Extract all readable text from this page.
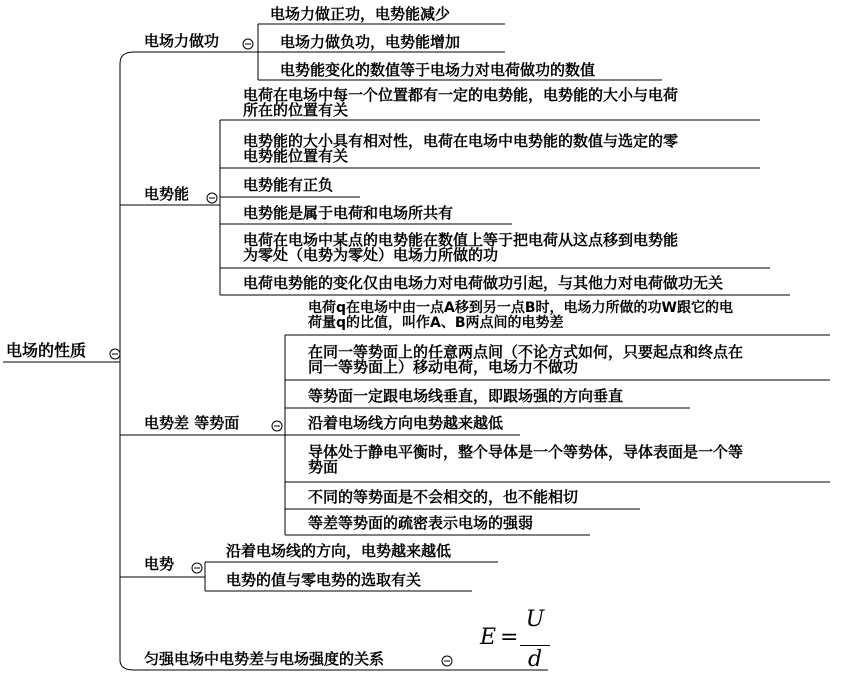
电场的性质
电场力做功
电场力做正功，电势能减少
电场力做负功，电势能增加
电势能变化的数值等于电场力对电荷做功的数值
电势能
电荷在电场中每一个位置都有一定的电势能，电势能的大小与电荷
所在的位置有关
电势能的大小具有相对性，电荷在电场中电势能的数值与选定的零
电势能位置有关
电势能有正负
电势能是属于电荷和电场所共有
电荷在电场中某点的电势能在数值上等于把电荷从这点移到电势能
为零处（电势为零处）电场力所做的功
电荷电势能的变化仅由电场力对电荷做功引起，与其他力对电荷做功无关
电势差 等势面
电荷q在电场中由一点A移到另一点B时，电场力所做的功W跟它的电
荷量q的比值，叫作A、B两点间的电势差
在同一等势面上的任意两点间（不论方式如何，只要起点和终点在
同一等势面上）移动电荷，电场力不做功
等势面一定跟电场线垂直，即跟场强的方向垂直
沿着电场线方向电势越来越低
导体处于静电平衡时，整个导体是一个等势体，导体表面是一个等
势面
不同的等势面是不会相交的，也不能相切
等差等势面的疏密表示电场的强弱
电势
沿着电场线的方向，电势越来越低
电势的值与零电势的选取有关
匀强电场中电势差与电场强度的关系
E =
U
d
